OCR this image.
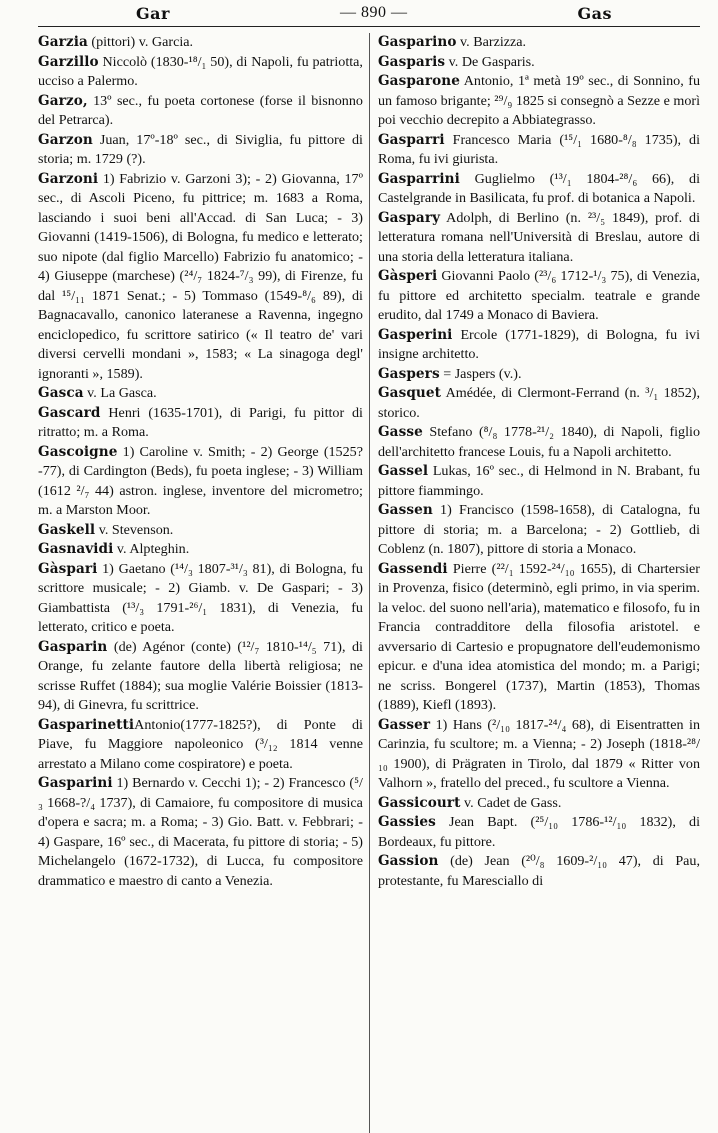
Gar	— 890 —	Gas

Garzia (pittori) v. Garcia.

Garzillo Niccolò (1830-¹⁸/₁ 50), di Napoli, fu patriotta, ucciso a Palermo.

Garzo, 13º sec., fu poeta cortonese (forse il bisnonno del Petrarca).

Garzon Juan, 17º-18º sec., di Siviglia, fu pittore di storia; m. 1729 (?).

Garzoni 1) Fabrizio v. Garzoni 3); - 2) Giovanna, 17º sec., di Ascoli Piceno, fu pittrice; m. 1683 a Roma, lasciando i suoi beni all'Accad. di San Luca; - 3) Giovanni (1419-1506), di Bologna, fu medico e letterato; suo nipote (dal figlio Marcello) Fabrizio fu anatomico; - 4) Giuseppe (marchese) (²⁴/₇ 1824-⁷/₃ 99), di Firenze, fu dal ¹⁵/₁₁ 1871 Senat.; - 5) Tommaso (1549-⁸/₆ 89), di Bagnacavallo, canonico lateranese a Ravenna, ingegno enciclopedico, fu scrittore satirico (« Il teatro de' vari diversi cervelli mondani », 1583; « La sinagoga degl' ignoranti », 1589).

Gasca v. La Gasca.

Gascard Henri (1635-1701), di Parigi, fu pittor di ritratto; m. a Roma.

Gascoigne 1) Caroline v. Smith; - 2) George (1525?-77), di Cardington (Beds), fu poeta inglese; - 3) William (1612 ²/₇ 44) astron. inglese, inventore del micrometro; m. a Marston Moor.

Gaskell v. Stevenson.

Gasnavidi v. Alpteghin.

Gàspari 1) Gaetano (¹⁴/₃ 1807-³¹/₃ 81), di Bologna, fu scrittore musicale; - 2) Giamb. v. De Gaspari; - 3) Giambattista (¹³/₃ 1791-²⁶/₁ 1831), di Venezia, fu letterato, critico e poeta.

Gasparin (de) Agénor (conte) (¹²/₇ 1810-¹⁴/₅ 71), di Orange, fu zelante fautore della libertà religiosa; ne scrisse Ruffet (1884); sua moglie Valérie Boissier (1813-94), di Ginevra, fu scrittrice.

GasparinettiAntonio(1777-1825?), di Ponte di Piave, fu Maggiore napoleonico (³/₁₂ 1814 venne arrestato a Milano come cospiratore) e poeta.

Gasparini 1) Bernardo v. Cecchi 1); - 2) Francesco (⁵/₃ 1668-?/₄ 1737), di Camaiore, fu compositore di musica d'opera e sacra; m. a Roma; - 3) Gio. Batt. v. Febbrari; - 4) Gaspare, 16º sec., di Macerata, fu pittore di storia; - 5) Michelangelo (1672-1732), di Lucca, fu compositore drammatico e maestro di canto a Venezia.

Gasparino v. Barzizza.

Gasparis v. De Gasparis.

Gasparone Antonio, 1ª metà 19º sec., di Sonnino, fu un famoso brigante; ²⁹/₉ 1825 si consegnò a Sezze e morì poi vecchio decrepito a Abbiategrasso.

Gasparri Francesco Maria (¹⁵/₁ 1680-⁸/₈ 1735), di Roma, fu ivi giurista.

Gasparrini Guglielmo (¹³/₁ 1804-²⁸/₆ 66), di Castelgrande in Basilicata, fu prof. di botanica a Napoli.

Gaspary Adolph, di Berlino (n. ²³/₅ 1849), prof. di letteratura romana nell'Università di Breslau, autore di una storia della letteratura italiana.

Gàsperi Giovanni Paolo (²³/₆ 1712-¹/₃ 75), di Venezia, fu pittore ed architetto specialm. teatrale e grande erudito, dal 1749 a Monaco di Baviera.

Gasperini Ercole (1771-1829), di Bologna, fu ivi insigne architetto.

Gaspers = Jaspers (v.).

Gasquet Amédée, di Clermont-Ferrand (n. ³/₁ 1852), storico.

Gasse Stefano (⁸/₈ 1778-²¹/₂ 1840), di Napoli, figlio dell'architetto francese Louis, fu a Napoli architetto.

Gassel Lukas, 16º sec., di Helmond in N. Brabant, fu pittore fiammingo.

Gassen 1) Francisco (1598-1658), di Catalogna, fu pittore di storia; m. a Barcelona; - 2) Gottlieb, di Coblenz (n. 1807), pittore di storia a Monaco.

Gassendi Pierre (²²/₁ 1592-²⁴/₁₀ 1655), di Chartersier in Provenza, fisico (determinò, egli primo, in via sperim. la veloc. del suono nell'aria), matematico e filosofo, fu in Francia contradditore della filosofia aristotel. e avversario di Cartesio e propugnatore dell'eudemonismo epicur. e d'una idea atomistica del mondo; m. a Parigi; ne scriss. Bongerel (1737), Martin (1853), Thomas (1889), Kiefl (1893).

Gasser 1) Hans (²/₁₀ 1817-²⁴/₄ 68), di Eisentratten in Carinzia, fu scultore; m. a Vienna; - 2) Joseph (1818-²⁸/₁₀ 1900), di Prägraten in Tirolo, dal 1879 « Ritter von Valhorn », fratello del preced., fu scultore a Vienna.

Gassicourt v. Cadet de Gass.

Gassies Jean Bapt. (²⁵/₁₀ 1786-¹²/₁₀ 1832), di Bordeaux, fu pittore.

Gassion (de) Jean (²⁰/₈ 1609-²/₁₀ 47), di Pau, protestante, fu Maresciallo di
